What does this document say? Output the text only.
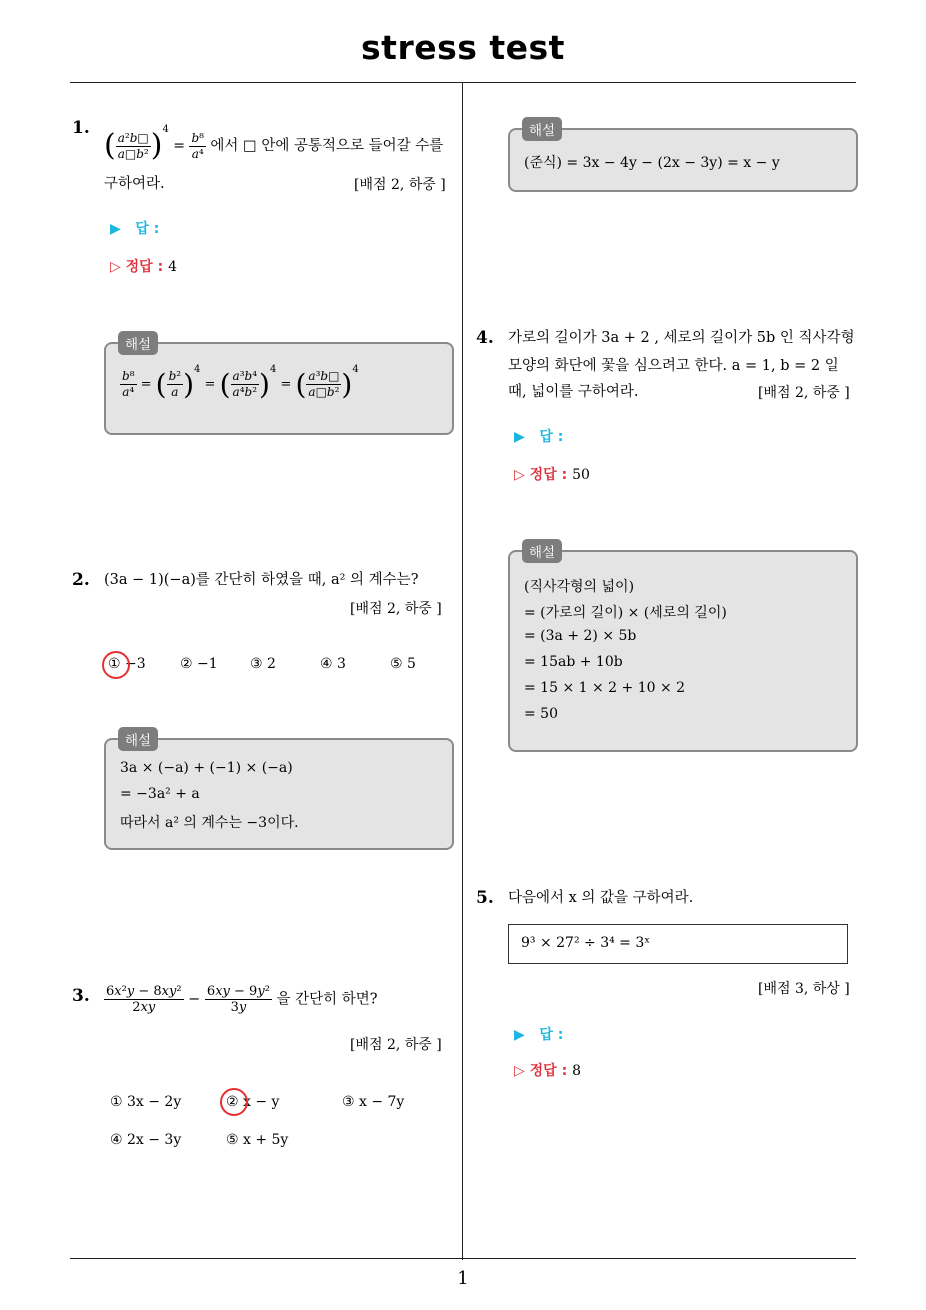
stress test
1. ( $\frac{\text{a²b□}}{\text{a□b²}} )^4 = \frac{\text{b⁸}}{\text{a⁴}}$ 에서 □ 안에 공통적으로 들어갈 수를
구하여라.	[배점 2, 하중 ]
▶ 답 :
▷ 정답 : 4
해설
$\frac{\text{b⁸}}{\text{a⁴}}$ = ( $\frac{\text{b²}}{a} )^4$ = ( $\frac{\text{a³b⁴}}{\text{a⁴b²}} )^4$ = ( $\frac{\text{a³b□}}{\text{a□b²}} )^4$
2. (3a − 1)(−a)를 간단히 하였을 때, a² 의 계수는?
[배점 2, 하중 ]
① −3 ② −1 ③ 2	④ 3	⑤ 5
해설
3a × (−a) + (−1) × (−a)
= −3a² + a
따라서 a² 의 계수는 −3이다.
3. $\frac{\text{6x²y − 8xy²}}{2xy} - \frac{\text{6xy − 9y²}}{3y}$ 을 간단히 하면?
[배점 2, 하중 ]
① 3x − 2y	② x − y	③ x − 7y
④ 2x − 3y	⑤ x + 5y
해설
(준식) = 3x − 4y − (2x − 3y) = x − y
4. 가로의 길이가 3a + 2 , 세로의 길이가 5b 인 직사각형
모양의 화단에 꽃을 심으려고 한다. a = 1, b = 2 일
때, 넓이를 구하여라.	[배점 2, 하중 ]
▶ 답 :
▷ 정답 : 50
해설
(직사각형의 넓이)
= (가로의 길이) × (세로의 길이)
= (3a + 2) × 5b
= 15ab + 10b
= 15 × 1 × 2 + 10 × 2
= 50
5. 다음에서 x 의 값을 구하여라.
9³ × 27² ÷ 3⁴ = 3ˣ
[배점 3, 하상 ]
▶ 답 :
▷ 정답 : 8
1
